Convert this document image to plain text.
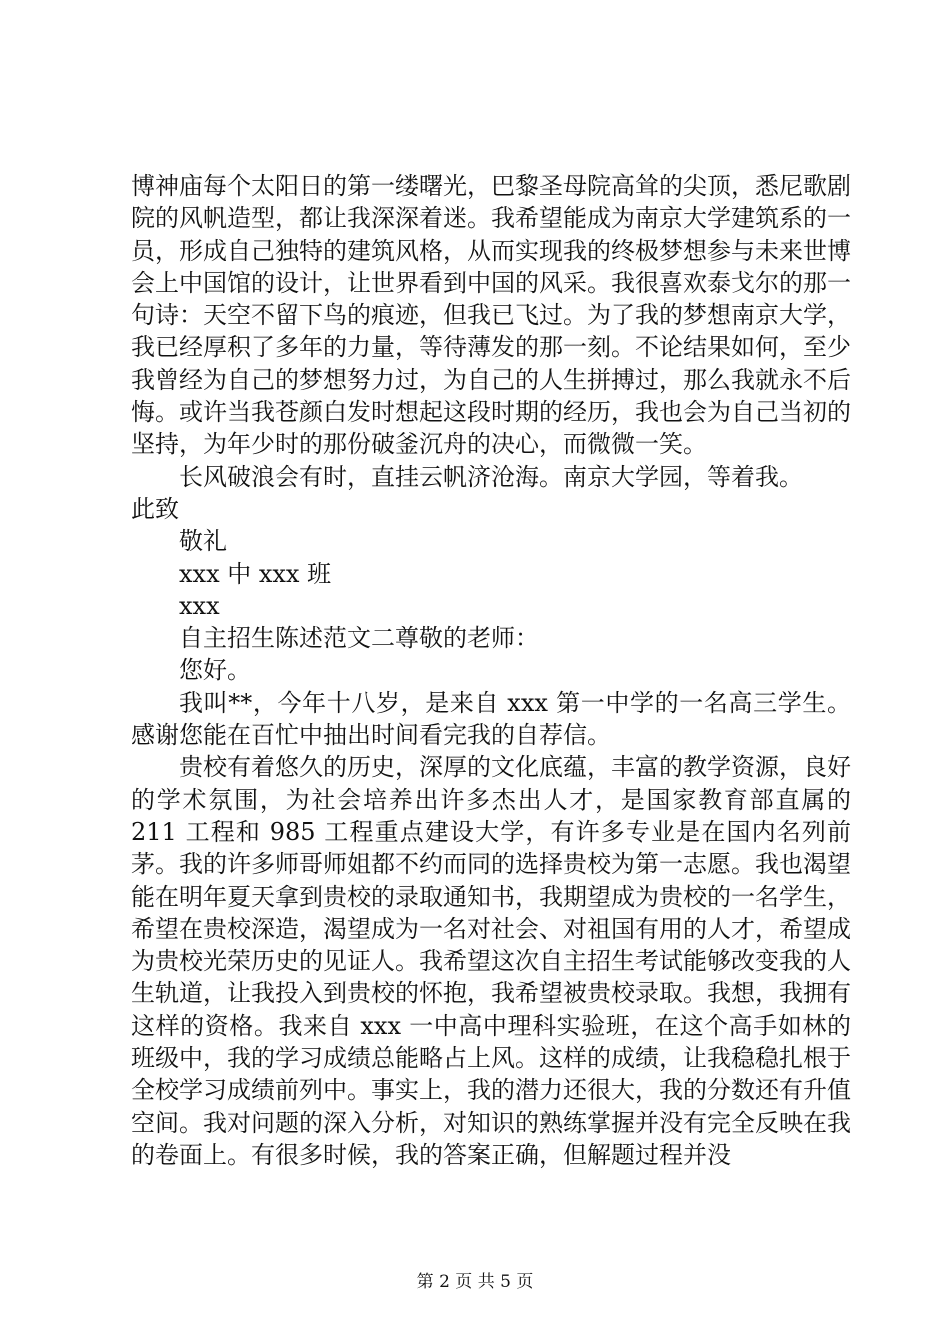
博神庙每个太阳日的第一缕曙光，巴黎圣母院高耸的尖顶，悉尼歌剧院的风帆造型，都让我深深着迷。我希望能成为南京大学建筑系的一员，形成自己独特的建筑风格，从而实现我的终极梦想参与未来世博会上中国馆的设计，让世界看到中国的风采。我很喜欢泰戈尔的那一句诗：天空不留下鸟的痕迹，但我已飞过。为了我的梦想南京大学，我已经厚积了多年的力量，等待薄发的那一刻。不论结果如何，至少我曾经为自己的梦想努力过，为自己的人生拼搏过，那么我就永不后悔。或许当我苍颜白发时想起这段时期的经历，我也会为自己当初的坚持，为年少时的那份破釜沉舟的决心，而微微一笑。

长风破浪会有时，直挂云帆济沧海。南京大学园，等着我。

此致

敬礼

xxx 中 xxx 班

xxx

自主招生陈述范文二尊敬的老师：

您好。

我叫**，今年十八岁，是来自 xxx 第一中学的一名高三学生。感谢您能在百忙中抽出时间看完我的自荐信。

贵校有着悠久的历史，深厚的文化底蕴，丰富的教学资源，良好的学术氛围，为社会培养出许多杰出人才，是国家教育部直属的 211 工程和 985 工程重点建设大学，有许多专业是在国内名列前茅。我的许多师哥师姐都不约而同的选择贵校为第一志愿。我也渴望能在明年夏天拿到贵校的录取通知书，我期望成为贵校的一名学生，希望在贵校深造，渴望成为一名对社会、对祖国有用的人才，希望成为贵校光荣历史的见证人。我希望这次自主招生考试能够改变我的人生轨道，让我投入到贵校的怀抱，我希望被贵校录取。我想，我拥有这样的资格。我来自 xxx 一中高中理科实验班，在这个高手如林的班级中，我的学习成绩总能略占上风。这样的成绩，让我稳稳扎根于全校学习成绩前列中。事实上，我的潜力还很大，我的分数还有升值空间。我对问题的深入分析，对知识的熟练掌握并没有完全反映在我的卷面上。有很多时候，我的答案正确，但解题过程并没

第 2 页 共 5 页
